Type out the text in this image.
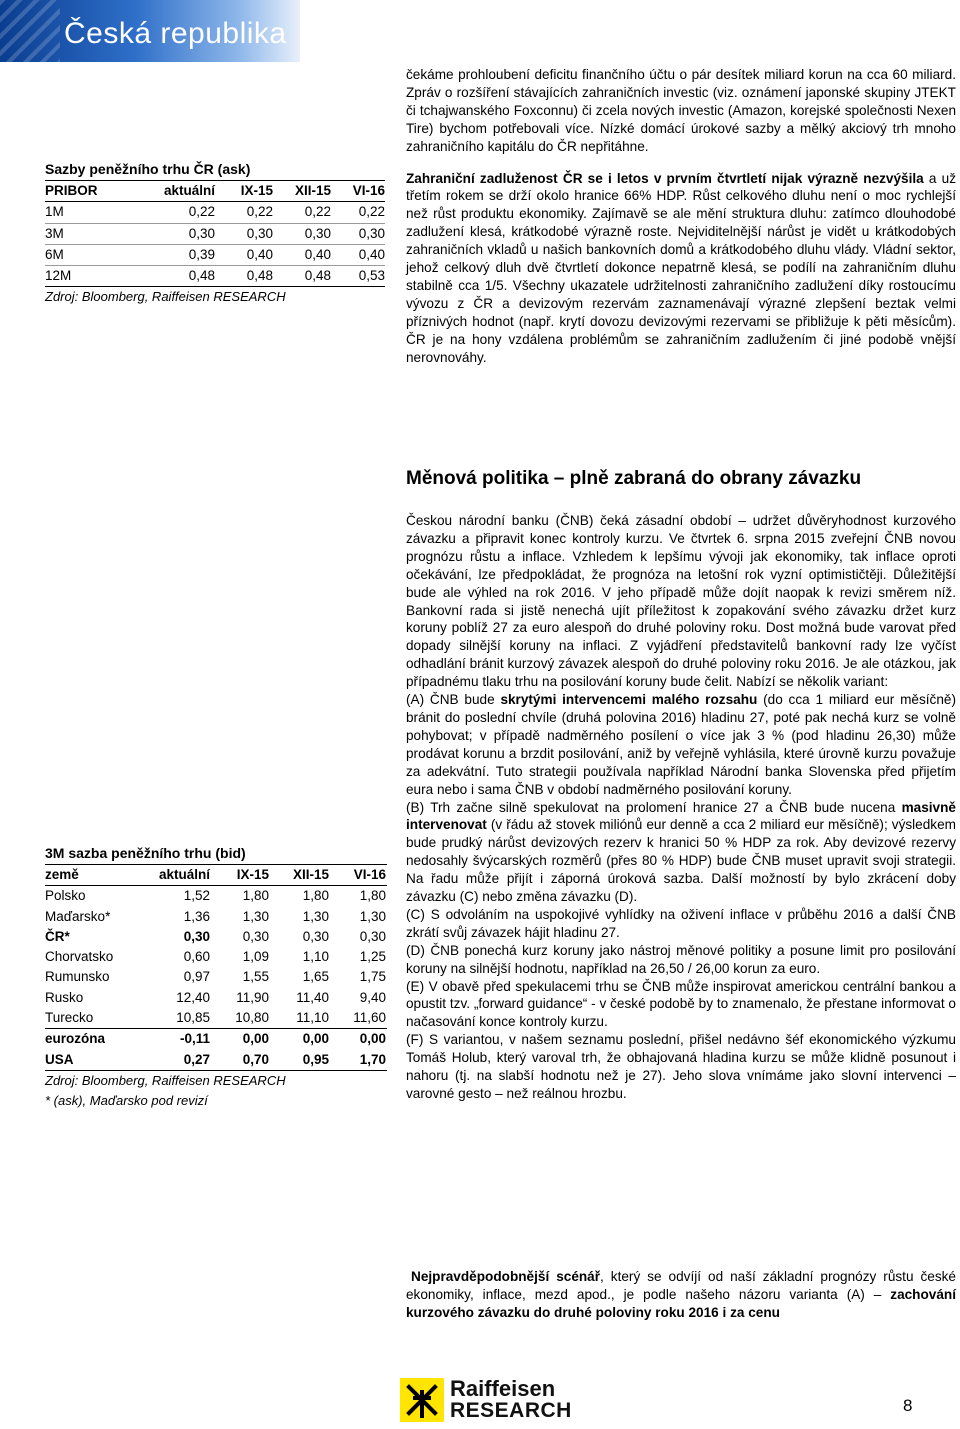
Česká republika
Sazby peněžního trhu ČR (ask)
PRIBOR	aktuální	IX-15	XII-15	VI-16
1M	0,22	0,22	0,22	0,22
3M	0,30	0,30	0,30	0,30
6M	0,39	0,40	0,40	0,40
12M	0,48	0,48	0,48	0,53
Zdroj: Bloomberg, Raiffeisen RESEARCH
3M sazba peněžního trhu (bid)
země	aktuální	IX-15	XII-15	VI-16
Polsko	1,52	1,80	1,80	1,80
Maďarsko*	1,36	1,30	1,30	1,30
ČR*	0,30	0,30	0,30	0,30
Chorvatsko	0,60	1,09	1,10	1,25
Rumunsko	0,97	1,55	1,65	1,75
Rusko	12,40	11,90	11,40	9,40
Turecko	10,85	10,80	11,10	11,60
eurozóna	-0,11	0,00	0,00	0,00
USA	0,27	0,70	0,95	1,70
Zdroj: Bloomberg, Raiffeisen RESEARCH
* (ask), Maďarsko pod revizí

čekáme prohloubení deficitu finančního účtu o pár desítek miliard korun na cca 60 miliard. Zpráv o rozšíření stávajících zahraničních investic (viz. oznámení japonské skupiny JTEKT či tchajwanského Foxconnu) či zcela nových investic (Amazon, korejské společnosti Nexen Tire) bychom potřebovali více. Nízké domácí úrokové sazby a mělký akciový trh mnoho zahraničního kapitálu do ČR nepřitáhne.

Zahraniční zadluženost ČR se i letos v prvním čtvrtletí nijak výrazně nezvýšila a už třetím rokem se drží okolo hranice 66% HDP. Růst celkového dluhu není o moc rychlejší než růst produktu ekonomiky. Zajímavě se ale mění struktura dluhu: zatímco dlouhodobé zadlužení klesá, krátkodobé výrazně roste. Nejviditelnější nárůst je vidět u krátkodobých zahraničních vkladů u našich bankovních domů a krátkodobého dluhu vlády. Vládní sektor, jehož celkový dluh dvě čtvrtletí dokonce nepatrně klesá, se podílí na zahraničním dluhu stabilně cca 1/5. Všechny ukazatele udržitelnosti zahraničního zadlužení díky rostoucímu vývozu z ČR a devizovým rezervám zaznamenávají výrazné zlepšení beztak velmi příznivých hodnot (např. krytí dovozu devizovými rezervami se přibližuje k pěti měsícům). ČR je na hony vzdálena problémům se zahraničním zadlužením či jiné podobě vnější nerovnováhy.

Měnová politika – plně zabraná do obrany závazku

Českou národní banku (ČNB) čeká zásadní období – udržet důvěryhodnost kurzového závazku a připravit konec kontroly kurzu. Ve čtvrtek 6. srpna 2015 zveřejní ČNB novou prognózu růstu a inflace. Vzhledem k lepšímu vývoji jak ekonomiky, tak inflace oproti očekávání, lze předpokládat, že prognóza na letošní rok vyzní optimističtěji. Důležitější bude ale výhled na rok 2016. V jeho případě může dojít naopak k revizi směrem níž. Bankovní rada si jistě nenechá ujít příležitost k zopakování svého závazku držet kurz koruny poblíž 27 za euro alespoň do druhé poloviny roku. Dost možná bude varovat před dopady silnější koruny na inflaci. Z vyjádření představitelů bankovní rady lze vyčíst odhadlání bránit kurzový závazek alespoň do druhé poloviny roku 2016. Je ale otázkou, jak případnému tlaku trhu na posilování koruny bude čelit. Nabízí se několik variant:

(A) ČNB bude skrytými intervencemi malého rozsahu (do cca 1 miliard eur měsíčně) bránit do poslední chvíle (druhá polovina 2016) hladinu 27, poté pak nechá kurz se volně pohybovat; v případě nadměrného posílení o více jak 3 % (pod hladinu 26,30) může prodávat korunu a brzdit posilování, aniž by veřejně vyhlásila, které úrovně kurzu považuje za adekvátní. Tuto strategii používala například Národní banka Slovenska před přijetím eura nebo i sama ČNB v období nadměrného posilování koruny.

(B) Trh začne silně spekulovat na prolomení hranice 27 a ČNB bude nucena masivně intervenovat (v řádu až stovek miliónů eur denně a cca 2 miliard eur měsíčně); výsledkem bude prudký nárůst devizových rezerv k hranici 50 % HDP za rok. Aby devizové rezervy nedosahly švýcarských rozměrů (přes 80 % HDP) bude ČNB muset upravit svoji strategii. Na řadu může přijít i záporná úroková sazba. Další možností by bylo zkrácení doby závazku (C) nebo změna závazku (D).

(C) S odvoláním na uspokojivé vyhlídky na oživení inflace v průběhu 2016 a další ČNB zkrátí svůj závazek hájit hladinu 27.

(D) ČNB ponechá kurz koruny jako nástroj měnové politiky a posune limit pro posilování koruny na silnější hodnotu, například na 26,50 / 26,00 korun za euro.

(E) V obavě před spekulacemi trhu se ČNB může inspirovat americkou centrální bankou a opustit tzv. „forward guidance“ - v české podobě by to znamenalo, že přestane informovat o načasování konce kontroly kurzu.

(F) S variantou, v našem seznamu poslední, přišel nedávno šéf ekonomického výzkumu Tomáš Holub, který varoval trh, že obhajovaná hladina kurzu se může klidně posunout i nahoru (tj. na slabší hodnotu než je 27). Jeho slova vnímáme jako slovní intervenci – varovné gesto – než reálnou hrozbu.

Nejpravděpodobnější scénář, který se odvíjí od naší základní prognózy růstu české ekonomiky, inflace, mezd apod., je podle našeho názoru varianta (A) – zachování kurzového závazku do druhé poloviny roku 2016 i za cenu

Raiffeisen
RESEARCH	8
